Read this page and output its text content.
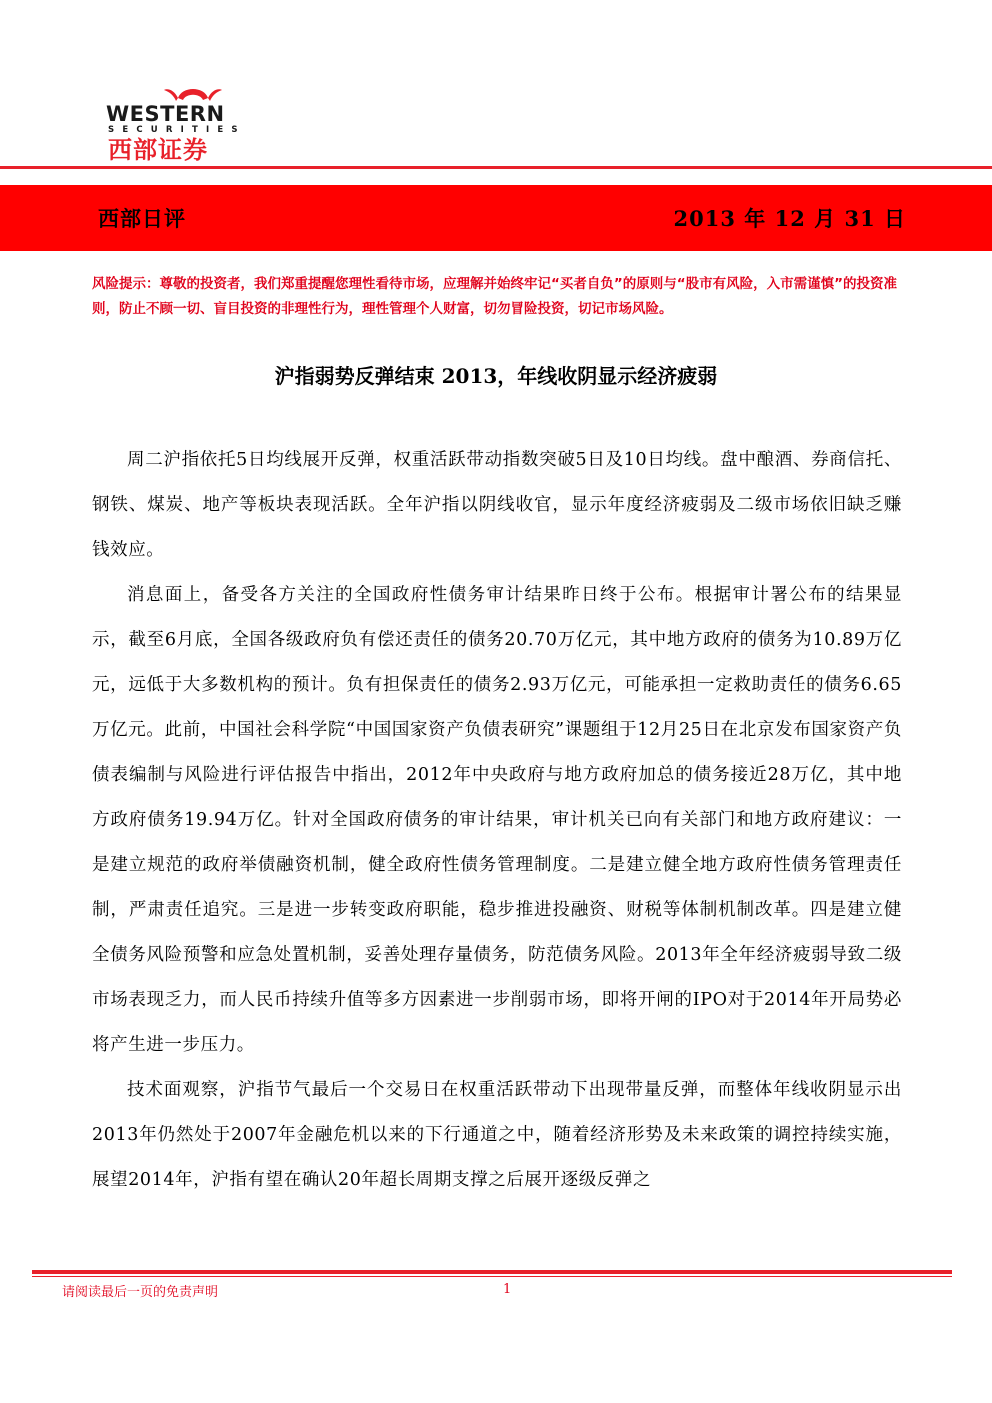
WESTERN
SECURITIES
西部证券
西部日评	2013 年 12 月 31 日
风险提示：尊敬的投资者，我们郑重提醒您理性看待市场，应理解并始终牢记“买者自负”的原则与“股市有风险，入市需谨慎”的投资准则，防止不顾一切、盲目投资的非理性行为，理性管理个人财富，切勿冒险投资，切记市场风险。
沪指弱势反弹结束 2013，年线收阴显示经济疲弱

周二沪指依托5日均线展开反弹，权重活跃带动指数突破5日及10日均线。盘中酿酒、券商信托、钢铁、煤炭、地产等板块表现活跃。全年沪指以阴线收官，显示年度经济疲弱及二级市场依旧缺乏赚钱效应。

消息面上，备受各方关注的全国政府性债务审计结果昨日终于公布。根据审计署公布的结果显示，截至6月底，全国各级政府负有偿还责任的债务20.70万亿元，其中地方政府的债务为10.89万亿元，远低于大多数机构的预计。负有担保责任的债务2.93万亿元，可能承担一定救助责任的债务6.65万亿元。此前，中国社会科学院“中国国家资产负债表研究”课题组于12月25日在北京发布国家资产负债表编制与风险进行评估报告中指出，2012年中央政府与地方政府加总的债务接近28万亿，其中地方政府债务19.94万亿。针对全国政府债务的审计结果，审计机关已向有关部门和地方政府建议：一是建立规范的政府举债融资机制，健全政府性债务管理制度。二是建立健全地方政府性债务管理责任制，严肃责任追究。三是进一步转变政府职能，稳步推进投融资、财税等体制机制改革。四是建立健全债务风险预警和应急处置机制，妥善处理存量债务，防范债务风险。2013年全年经济疲弱导致二级市场表现乏力，而人民币持续升值等多方因素进一步削弱市场，即将开闸的IPO对于2014年开局势必将产生进一步压力。

技术面观察，沪指节气最后一个交易日在权重活跃带动下出现带量反弹，而整体年线收阴显示出2013年仍然处于2007年金融危机以来的下行通道之中，随着经济形势及未来政策的调控持续实施，展望2014年，沪指有望在确认20年超长周期支撑之后展开逐级反弹之

请阅读最后一页的免责声明	1
